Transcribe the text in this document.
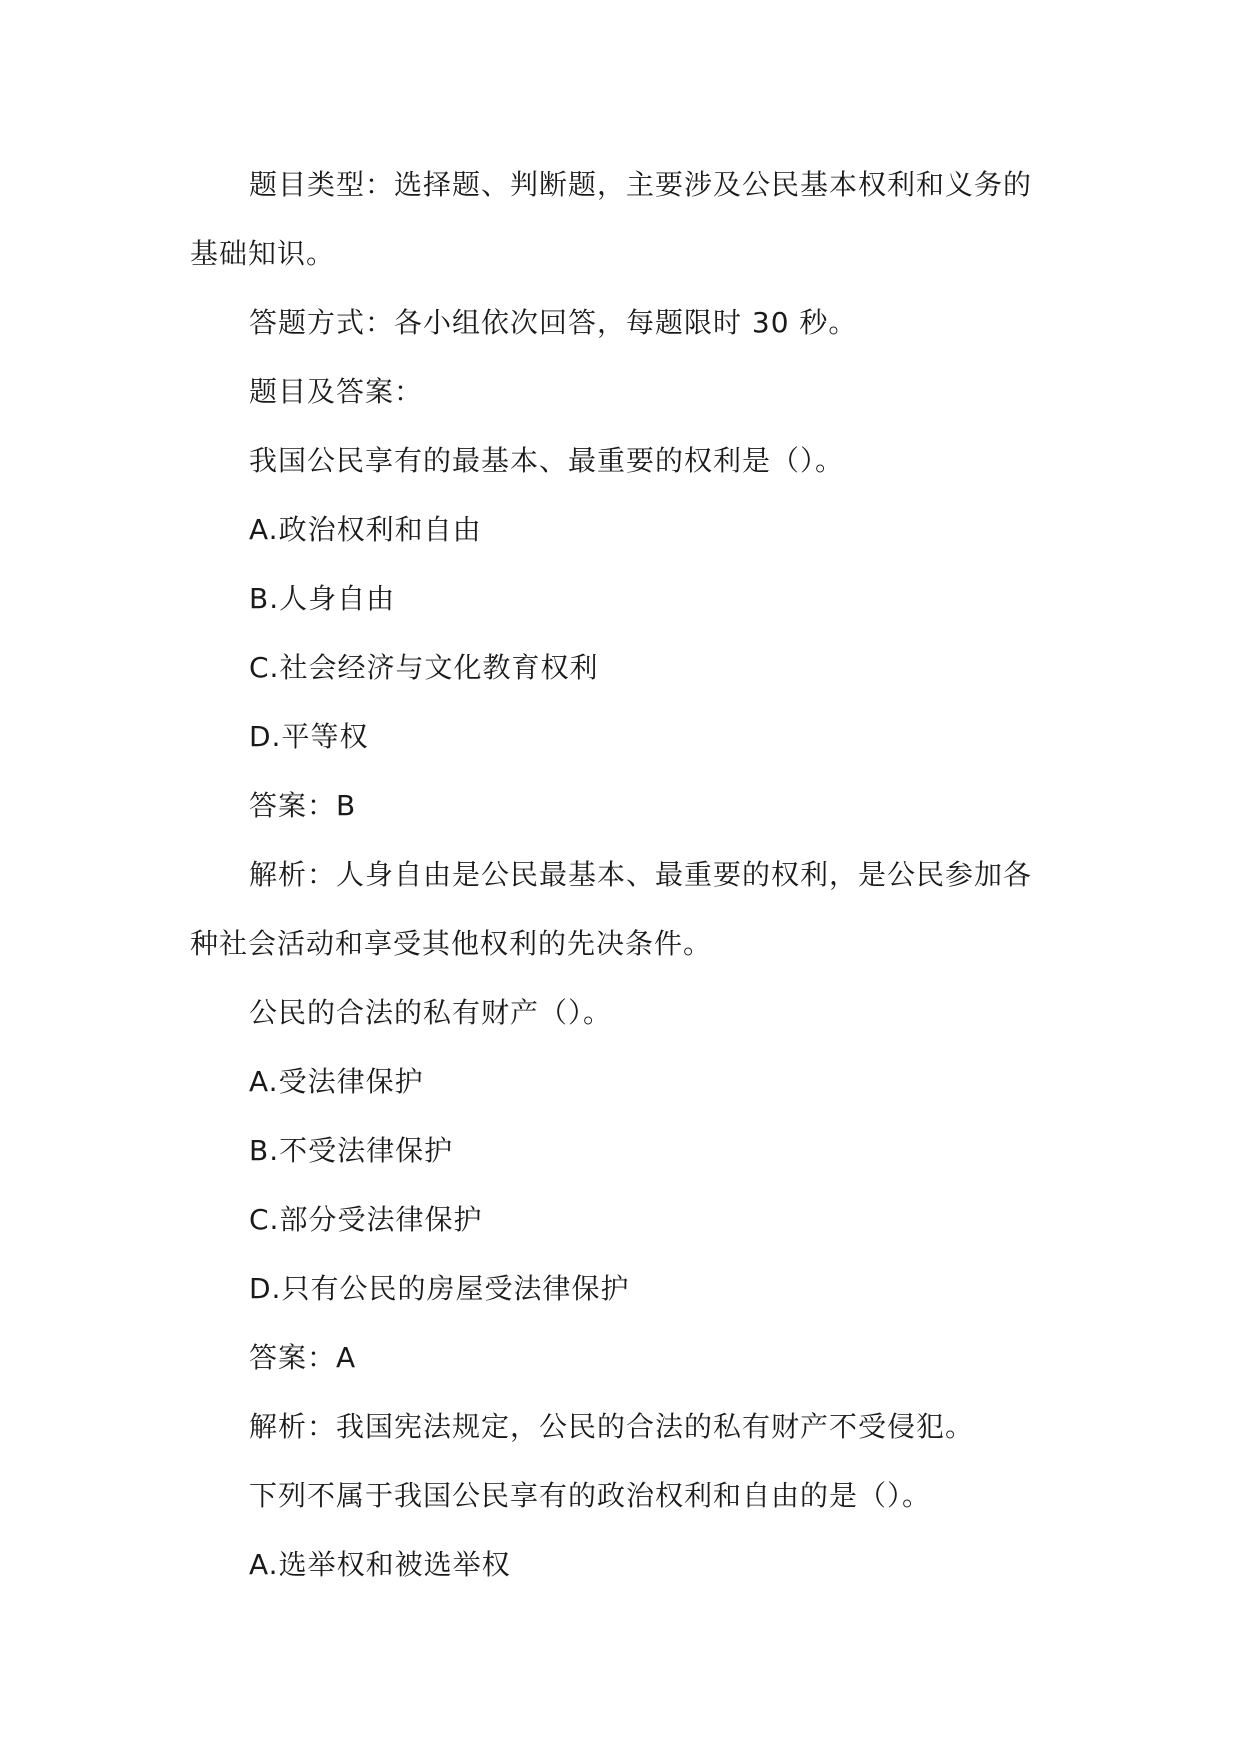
题目类型：选择题、判断题，主要涉及公民基本权利和义务的基础知识。

答题方式：各小组依次回答，每题限时 30 秒。

题目及答案：

我国公民享有的最基本、最重要的权利是（）。

A.政治权利和自由

B.人身自由

C.社会经济与文化教育权利

D.平等权

答案：B

解析：人身自由是公民最基本、最重要的权利，是公民参加各种社会活动和享受其他权利的先决条件。

公民的合法的私有财产（）。

A.受法律保护

B.不受法律保护

C.部分受法律保护

D.只有公民的房屋受法律保护

答案：A

解析：我国宪法规定，公民的合法的私有财产不受侵犯。

下列不属于我国公民享有的政治权利和自由的是（）。

A.选举权和被选举权
